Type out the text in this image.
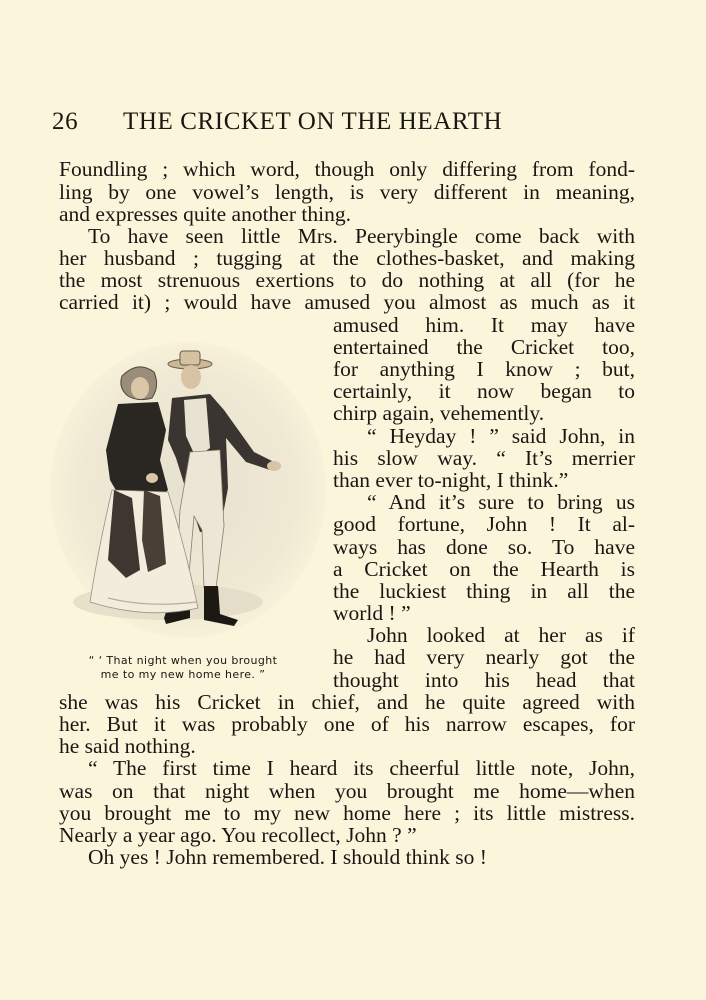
26 THE CRICKET ON THE HEARTH
Foundling ; which word, though only differing from fond-
ling by one vowel’s length, is very different in meaning,
and expresses quite another thing.
To have seen little Mrs. Peerybingle come back with
her husband ; tugging at the clothes-basket, and making
the most strenuous exertions to do nothing at all (for he
carried it) ; would have amused you almost as much as it
amused him. It may have
entertained the Cricket too,
for anything I know ; but,
certainly, it now began to
chirp again, vehemently.
“ Heyday ! ” said John, in
his slow way. “ It’s merrier
than ever to-night, I think.”
“ And it’s sure to bring us
good fortune, John ! It al-
ways has done so. To have
a Cricket on the Hearth is
the luckiest thing in all the
world ! ”
John looked at her as if
he had very nearly got the
thought into his head that
she was his Cricket in chief, and he quite agreed with
her. But it was probably one of his narrow escapes, for
he said nothing.
“ The first time I heard its cheerful little note, John,
was on that night when you brought me home—when
you brought me to my new home here ; its little mistress.
Nearly a year ago. You recollect, John ? ”
Oh yes ! John remembered. I should think so !
“ ‘ That night when you brought
me to my new home here. ”
